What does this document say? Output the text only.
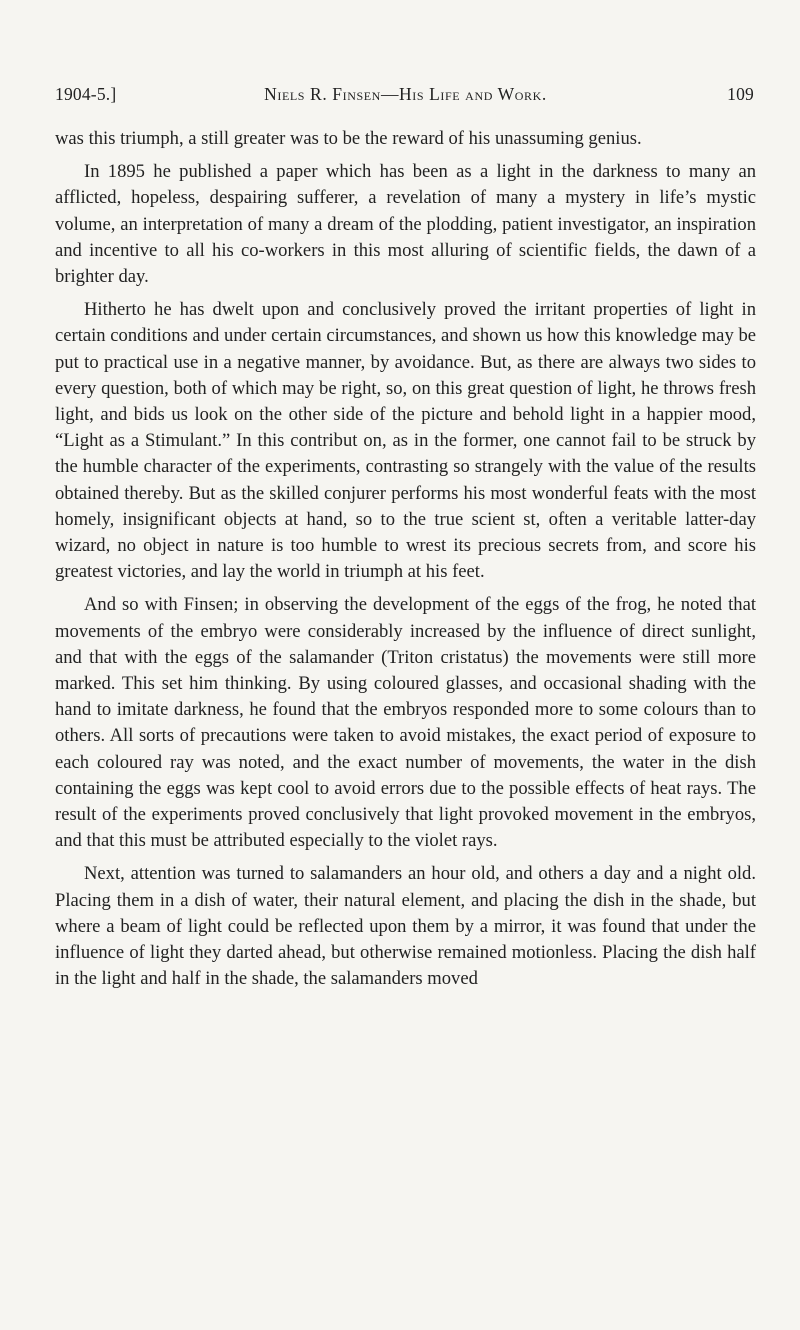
1904-5.]	Niels R. Finsen—His Life and Work.	109

was this triumph, a still greater was to be the reward of his unassuming genius.

In 1895 he published a paper which has been as a light in the darkness to many an afflicted, hopeless, despairing sufferer, a revelation of many a mystery in life’s mystic volume, an interpretation of many a dream of the plodding, patient investigator, an inspiration and incentive to all his co-workers in this most alluring of scientific fields, the dawn of a brighter day.

Hitherto he has dwelt upon and conclusively proved the irritant properties of light in certain conditions and under certain circumstances, and shown us how this knowledge may be put to practical use in a negative manner, by avoidance. But, as there are always two sides to every question, both of which may be right, so, on this great question of light, he throws fresh light, and bids us look on the other side of the picture and behold light in a happier mood, “Light as a Stimulant.” In this contribut on, as in the former, one cannot fail to be struck by the humble character of the experiments, contrasting so strangely with the value of the results obtained thereby. But as the skilled conjurer performs his most wonderful feats with the most homely, insignificant objects at hand, so to the true scient st, often a veritable latter-day wizard, no object in nature is too humble to wrest its precious secrets from, and score his greatest victories, and lay the world in triumph at his feet.

And so with Finsen; in observing the development of the eggs of the frog, he noted that movements of the embryo were considerably increased by the influence of direct sunlight, and that with the eggs of the salamander (Triton cristatus) the movements were still more marked. This set him thinking. By using coloured glasses, and occasional shading with the hand to imitate darkness, he found that the embryos responded more to some colours than to others. All sorts of precautions were taken to avoid mistakes, the exact period of exposure to each coloured ray was noted, and the exact number of movements, the water in the dish containing the eggs was kept cool to avoid errors due to the possible effects of heat rays. The result of the experiments proved conclusively that light provoked movement in the embryos, and that this must be attributed especially to the violet rays.

Next, attention was turned to salamanders an hour old, and others a day and a night old. Placing them in a dish of water, their natural element, and placing the dish in the shade, but where a beam of light could be reflected upon them by a mirror, it was found that under the influence of light they darted ahead, but otherwise remained motionless. Placing the dish half in the light and half in the shade, the salamanders moved
